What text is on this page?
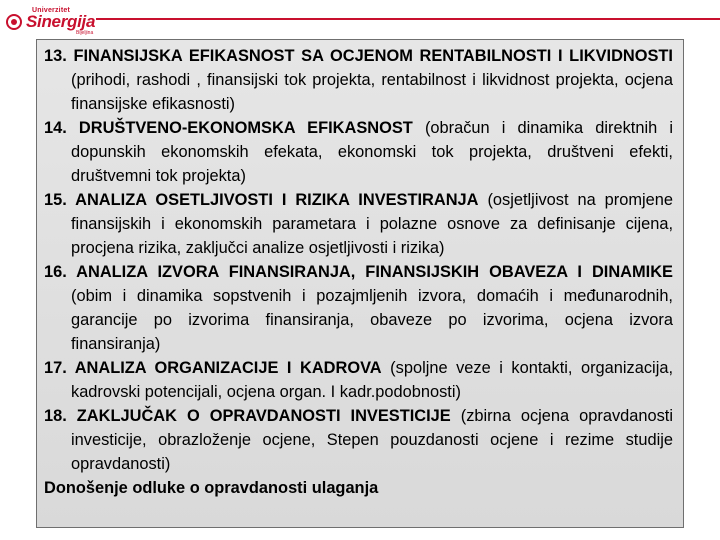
Univerzitet
Sinergija
Bijeljina

13. FINANSIJSKA EFIKASNOST SA OCJENOM RENTABILNOSTI I LIKVIDNOSTI (prihodi, rashodi , finansijski tok projekta, rentabilnost i likvidnost projekta, ocjena finansijske efikasnosti)

14. DRUŠTVENO-EKONOMSKA EFIKASNOST (obračun i dinamika direktnih i dopunskih ekonomskih efekata, ekonomski tok projekta, društveni efekti, društvemni tok projekta)

15. ANALIZA OSETLJIVOSTI I RIZIKA INVESTIRANJA (osjetljivost na promjene finansijskih i ekonomskih parametara i polazne osnove za definisanje cijena, procjena rizika, zaključci analize osjetljivosti i rizika)

16. ANALIZA IZVORA FINANSIRANJA, FINANSIJSKIH OBAVEZA I DINAMIKE (obim i dinamika sopstvenih i pozajmljenih izvora, domaćih i međunarodnih, garancije po izvorima finansiranja, obaveze po izvorima, ocjena izvora finansiranja)

17. ANALIZA ORGANIZACIJE I KADROVA (spoljne veze i kontakti, organizacija, kadrovski potencijali, ocjena organ. I kadr.podobnosti)

18. ZAKLJUČAK O OPRAVDANOSTI INVESTICIJE (zbirna ocjena opravdanosti investicije, obrazloženje ocjene, Stepen pouzdanosti ocjene i rezime studije opravdanosti)

Donošenje odluke o opravdanosti ulaganja
